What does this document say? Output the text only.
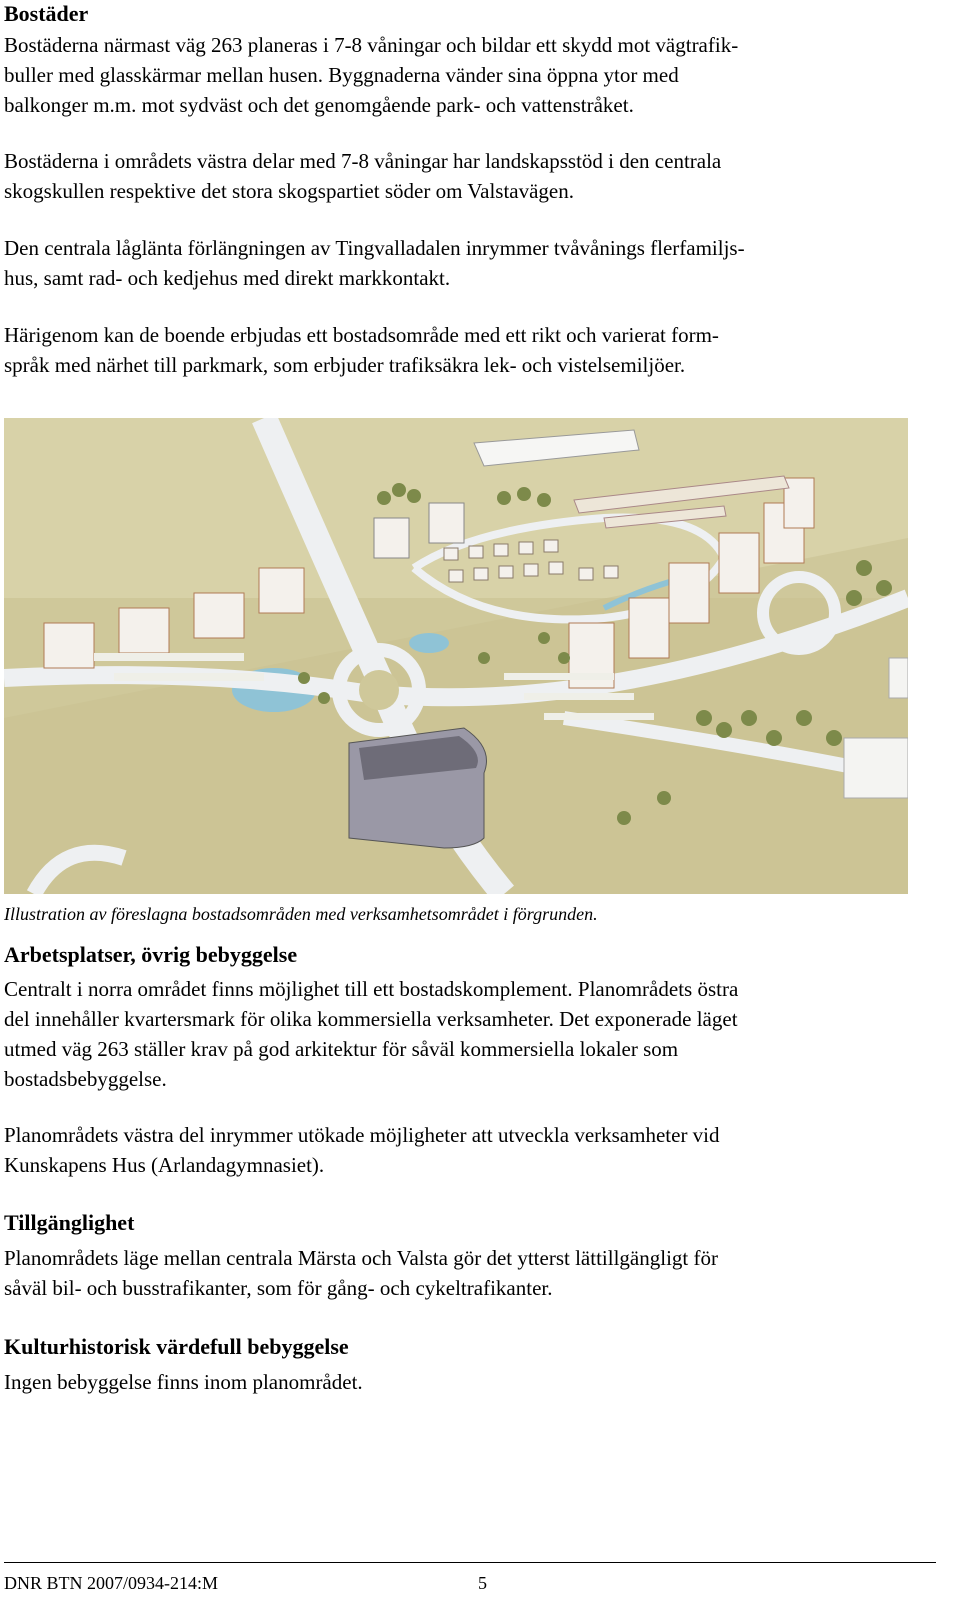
Bostäder

Bostäderna närmast väg 263 planeras i 7-8 våningar och bildar ett skydd mot vägtrafik-

buller med glasskärmar mellan husen. Byggnaderna vänder sina öppna ytor med

balkonger m.m. mot sydväst och det genomgående park- och vattenstråket.

Bostäderna i områdets västra delar med 7-8 våningar har landskapsstöd i den centrala

skogskullen respektive det stora skogspartiet söder om Valstavägen.

Den centrala låglänta förlängningen av Tingvalladalen inrymmer tvåvånings flerfamiljs-

hus, samt rad- och kedjehus med direkt markkontakt.

Härigenom kan de boende erbjudas ett bostadsområde med ett rikt och varierat form-

språk med närhet till parkmark, som erbjuder trafiksäkra lek- och vistelsemiljöer.

Illustration av föreslagna bostadsområden med verksamhetsområdet i förgrunden.
Arbetsplatser, övrig bebyggelse

Centralt i norra området finns möjlighet till ett bostadskomplement. Planområdets östra

del innehåller kvartersmark för olika kommersiella verksamheter. Det exponerade läget

utmed väg 263 ställer krav på god arkitektur för såväl kommersiella lokaler som

bostadsbebyggelse.

Planområdets västra del inrymmer utökade möjligheter att utveckla verksamheter vid

Kunskapens Hus (Arlandagymnasiet).

Tillgänglighet

Planområdets läge mellan centrala Märsta och Valsta gör det ytterst lättillgängligt för

såväl bil- och busstrafikanter, som för gång- och cykeltrafikanter.

Kulturhistorisk värdefull bebyggelse

Ingen bebyggelse finns inom planområdet.

DNR BTN 2007/0934-214:M	5
